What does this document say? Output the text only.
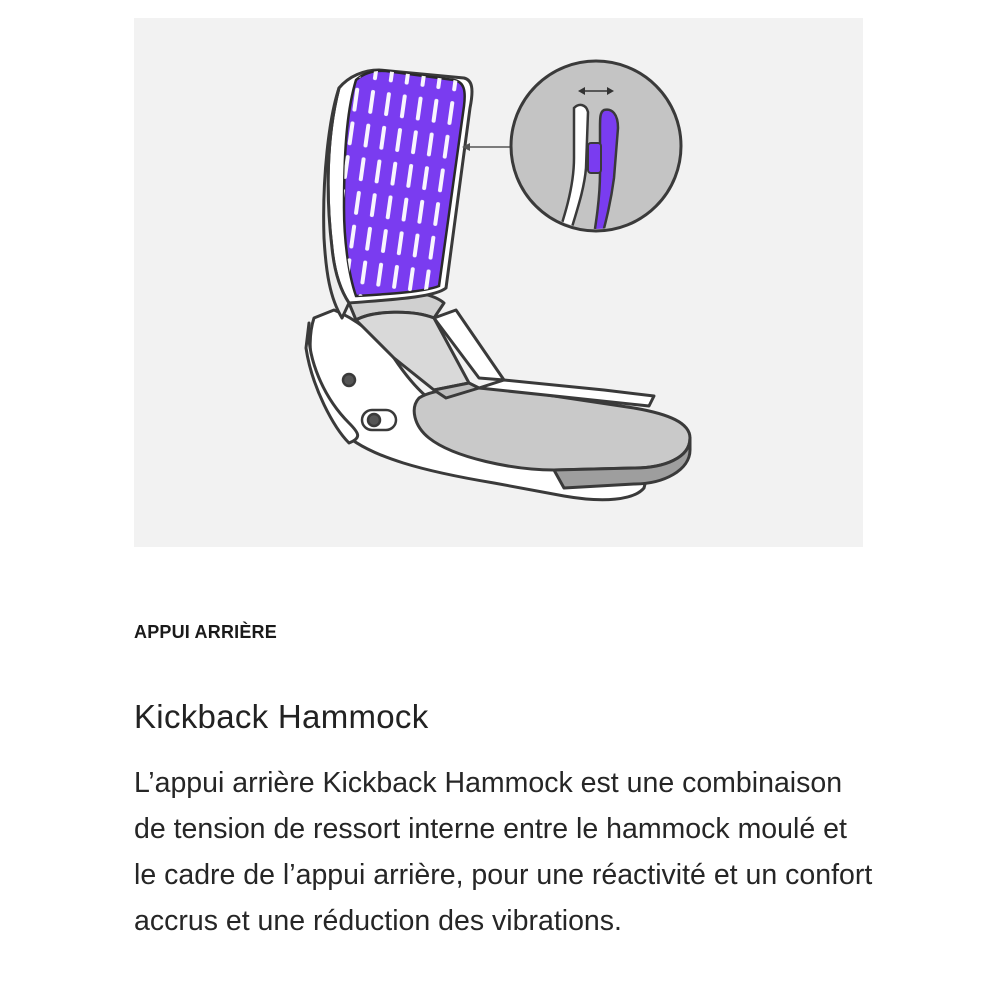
APPUI ARRIÈRE

Kickback Hammock

L’appui arrière Kickback Hammock est une combinaison de tension de ressort interne entre le hammock moulé et le cadre de l’appui arrière, pour une réactivité et un confort accrus et une réduction des vibrations.
